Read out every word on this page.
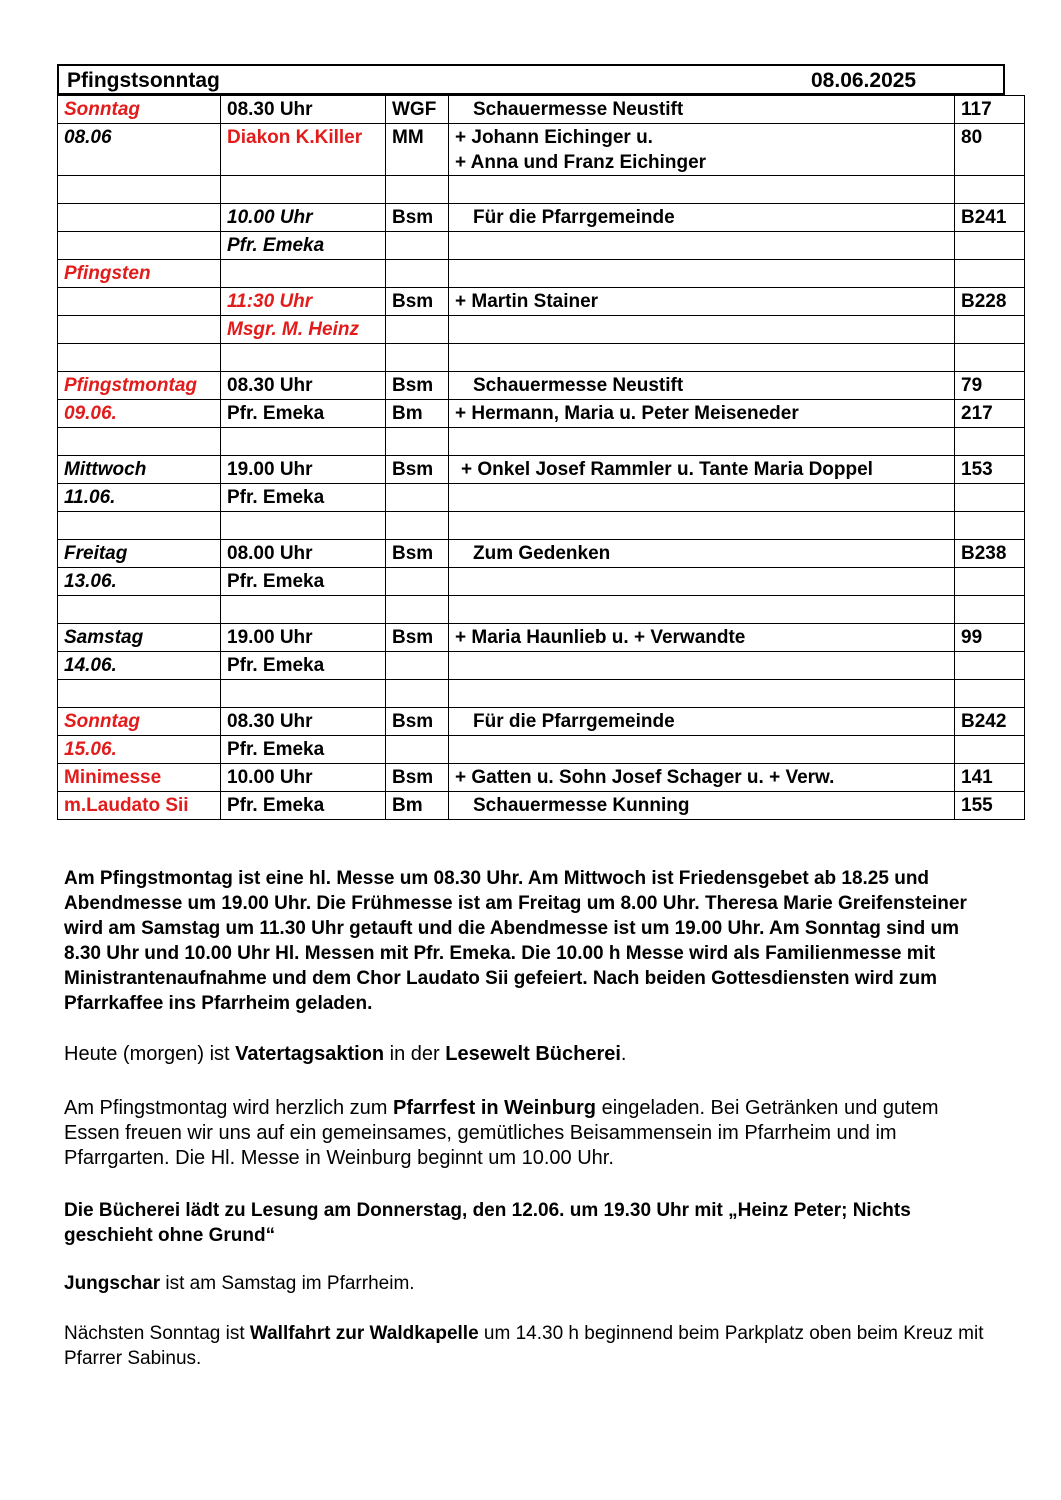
Pfingstsonntag	08.06.2025
Sonntag	08.30 Uhr	WGF	Schauermesse Neustift	117
08.06	Diakon K.Killer	MM	+ Johann Eichinger u.
+ Anna und Franz Eichinger	80

	10.00 Uhr	Bsm	Für die Pfarrgemeinde	B241
	Pfr. Emeka			
Pfingsten				
	11:30 Uhr	Bsm	+ Martin Stainer	B228
	Msgr. M. Heinz			

Pfingstmontag	08.30 Uhr	Bsm	Schauermesse Neustift	79
09.06.	Pfr. Emeka	Bm	+ Hermann, Maria u. Peter Meiseneder	217

Mittwoch	19.00 Uhr	Bsm	+ Onkel Josef Rammler u. Tante Maria Doppel	153
11.06.	Pfr. Emeka			

Freitag	08.00 Uhr	Bsm	Zum Gedenken	B238
13.06.	Pfr. Emeka			

Samstag	19.00 Uhr	Bsm	+ Maria Haunlieb u. + Verwandte	99
14.06.	Pfr. Emeka			

Sonntag	08.30 Uhr	Bsm	Für die Pfarrgemeinde	B242
15.06.	Pfr. Emeka			
Minimesse	10.00 Uhr	Bsm	+ Gatten u. Sohn Josef Schager u. + Verw.	141
m.Laudato Sii	Pfr. Emeka	Bm	Schauermesse Kunning	155

Am Pfingstmontag ist eine hl. Messe um 08.30 Uhr. Am Mittwoch ist Friedensgebet ab 18.25 und Abendmesse um 19.00 Uhr. Die Frühmesse ist am Freitag um 8.00 Uhr. Theresa Marie Greifensteiner wird am Samstag um 11.30 Uhr getauft und die Abendmesse ist um 19.00 Uhr. Am Sonntag sind um 8.30 Uhr und 10.00 Uhr Hl. Messen mit Pfr. Emeka. Die 10.00 h Messe wird als Familienmesse mit Ministrantenaufnahme und dem Chor Laudato Sii gefeiert. Nach beiden Gottesdiensten wird zum Pfarrkaffee ins Pfarrheim geladen.

Heute (morgen) ist Vatertagsaktion in der Lesewelt Bücherei.

Am Pfingstmontag wird herzlich zum Pfarrfest in Weinburg eingeladen. Bei Getränken und gutem Essen freuen wir uns auf ein gemeinsames, gemütliches Beisammensein im Pfarrheim und im Pfarrgarten. Die Hl. Messe in Weinburg beginnt um 10.00 Uhr.

Die Bücherei lädt zu Lesung am Donnerstag, den 12.06. um 19.30 Uhr mit „Heinz Peter; Nichts geschieht ohne Grund“

Jungschar ist am Samstag im Pfarrheim.

Nächsten Sonntag ist Wallfahrt zur Waldkapelle um 14.30 h beginnend beim Parkplatz oben beim Kreuz mit Pfarrer Sabinus.
